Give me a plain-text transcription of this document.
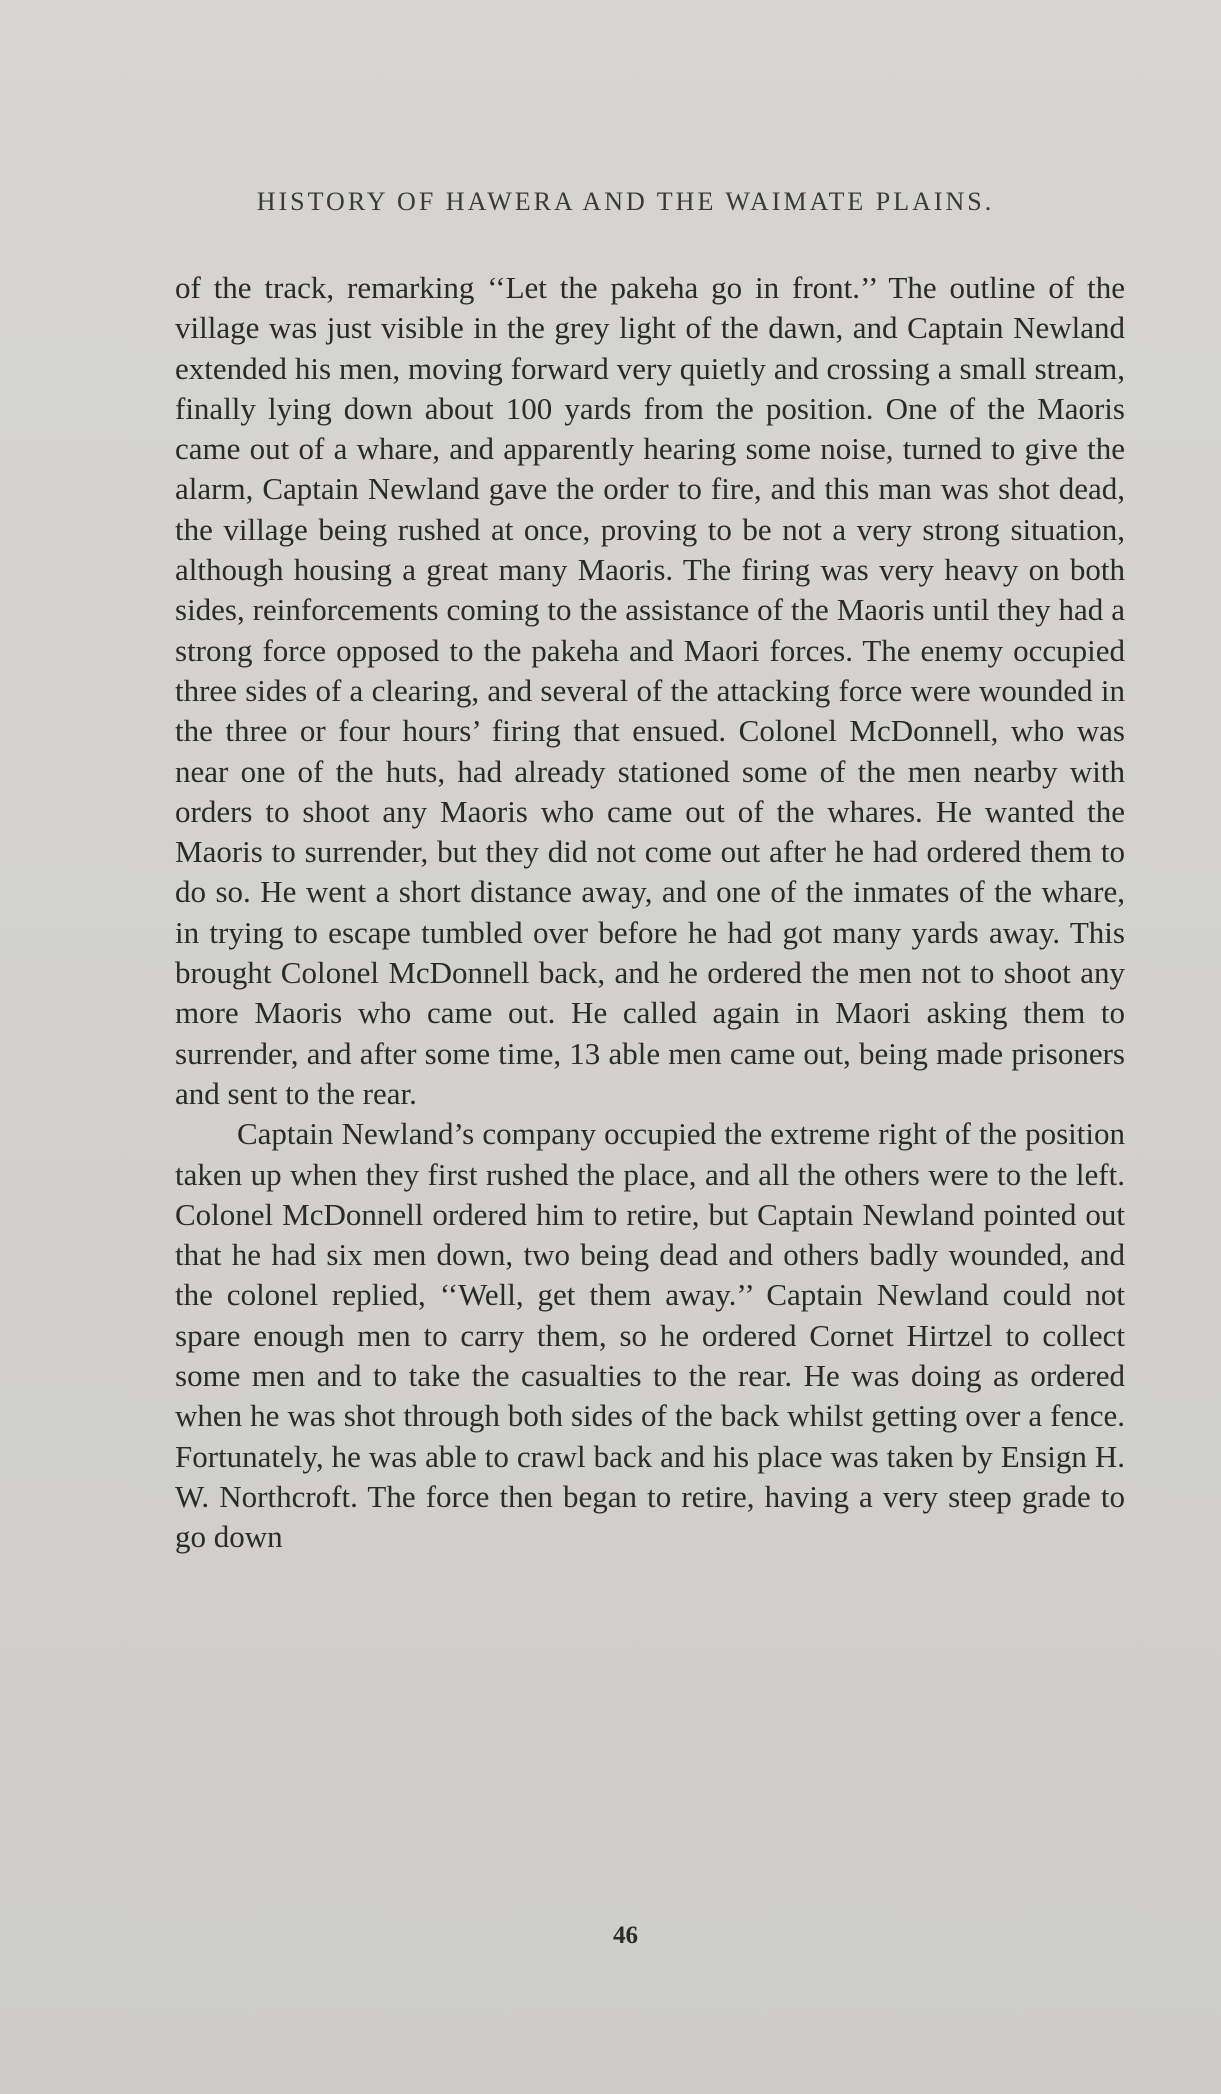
HISTORY OF HAWERA AND THE WAIMATE PLAINS.

of the track, remarking ‘‘Let the pakeha go in front.’’ The outline of the village was just visible in the grey light of the dawn, and Captain Newland extended his men, moving forward very quietly and crossing a small stream, finally lying down about 100 yards from the position. One of the Maoris came out of a whare, and apparently hearing some noise, turned to give the alarm, Captain Newland gave the order to fire, and this man was shot dead, the village being rushed at once, proving to be not a very strong situation, although housing a great many Maoris. The firing was very heavy on both sides, reinforcements coming to the assistance of the Maoris until they had a strong force opposed to the pakeha and Maori forces. The enemy occupied three sides of a clearing, and several of the attacking force were wounded in the three or four hours’ firing that ensued. Colonel McDonnell, who was near one of the huts, had already stationed some of the men nearby with orders to shoot any Maoris who came out of the whares. He wanted the Maoris to surrender, but they did not come out after he had ordered them to do so. He went a short distance away, and one of the inmates of the whare, in trying to escape tumbled over before he had got many yards away. This brought Colonel McDonnell back, and he ordered the men not to shoot any more Maoris who came out. He called again in Maori asking them to surrender, and after some time, 13 able men came out, being made prisoners and sent to the rear.

Captain Newland’s company occupied the extreme right of the position taken up when they first rushed the place, and all the others were to the left. Colonel McDonnell ordered him to retire, but Captain Newland pointed out that he had six men down, two being dead and others badly wounded, and the colonel replied, ‘‘Well, get them away.’’ Captain Newland could not spare enough men to carry them, so he ordered Cornet Hirtzel to collect some men and to take the casualties to the rear. He was doing as ordered when he was shot through both sides of the back whilst getting over a fence. Fortunately, he was able to crawl back and his place was taken by Ensign H. W. Northcroft. The force then began to retire, having a very steep grade to go down

46
